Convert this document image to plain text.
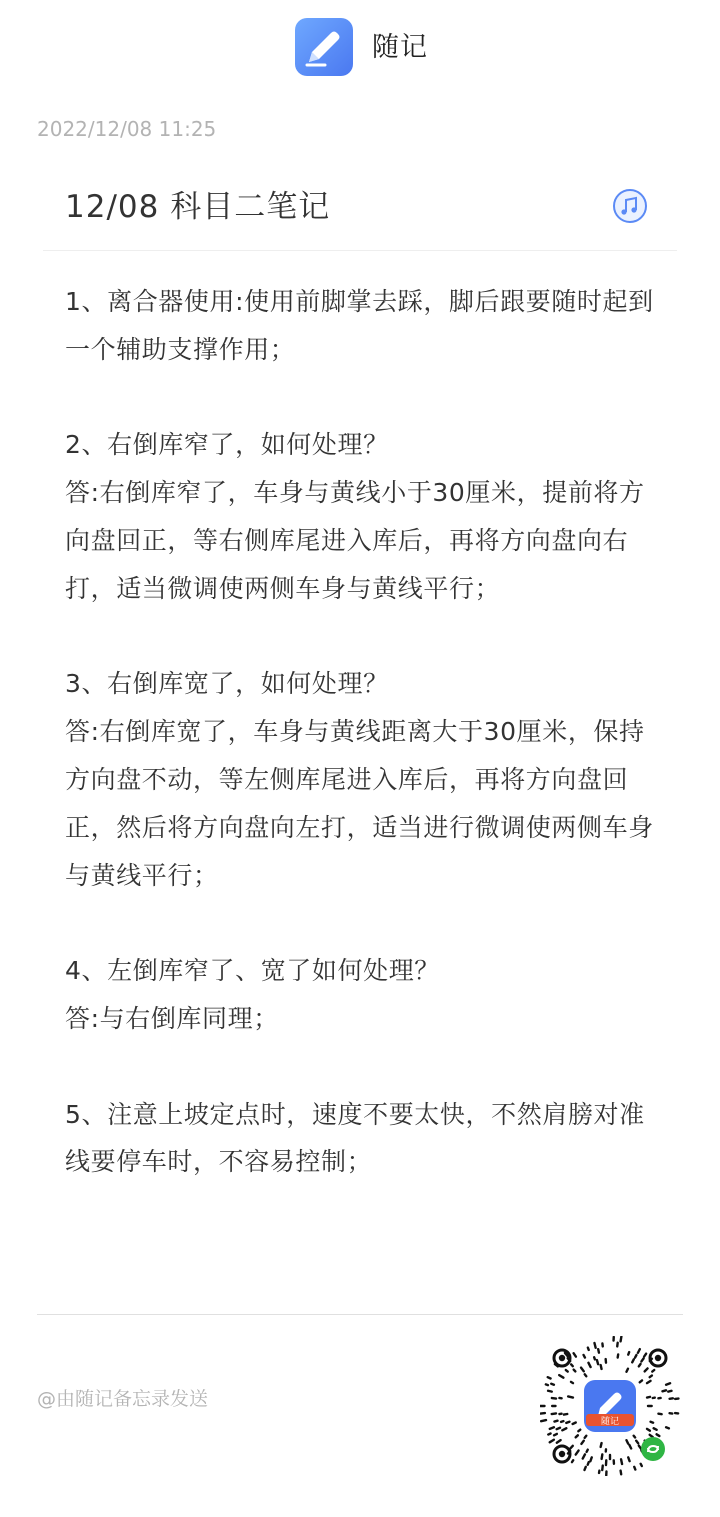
随记
2022/12/08 11:25
12/08 科目二笔记

1、离合器使用:使用前脚掌去踩，脚后跟要随时起到一个辅助支撑作用；

2、右倒库窄了，如何处理？
答:右倒库窄了，车身与黄线小于30厘米，提前将方向盘回正，等右侧库尾进入库后，再将方向盘向右打，适当微调使两侧车身与黄线平行；

3、右倒库宽了，如何处理？
答:右倒库宽了，车身与黄线距离大于30厘米，保持方向盘不动，等左侧库尾进入库后，再将方向盘回正，然后将方向盘向左打，适当进行微调使两侧车身与黄线平行；

4、左倒库窄了、宽了如何处理？
答:与右倒库同理；

5、注意上坡定点时，速度不要太快，不然肩膀对准线要停车时，不容易控制；

@由随记备忘录发送
随记
